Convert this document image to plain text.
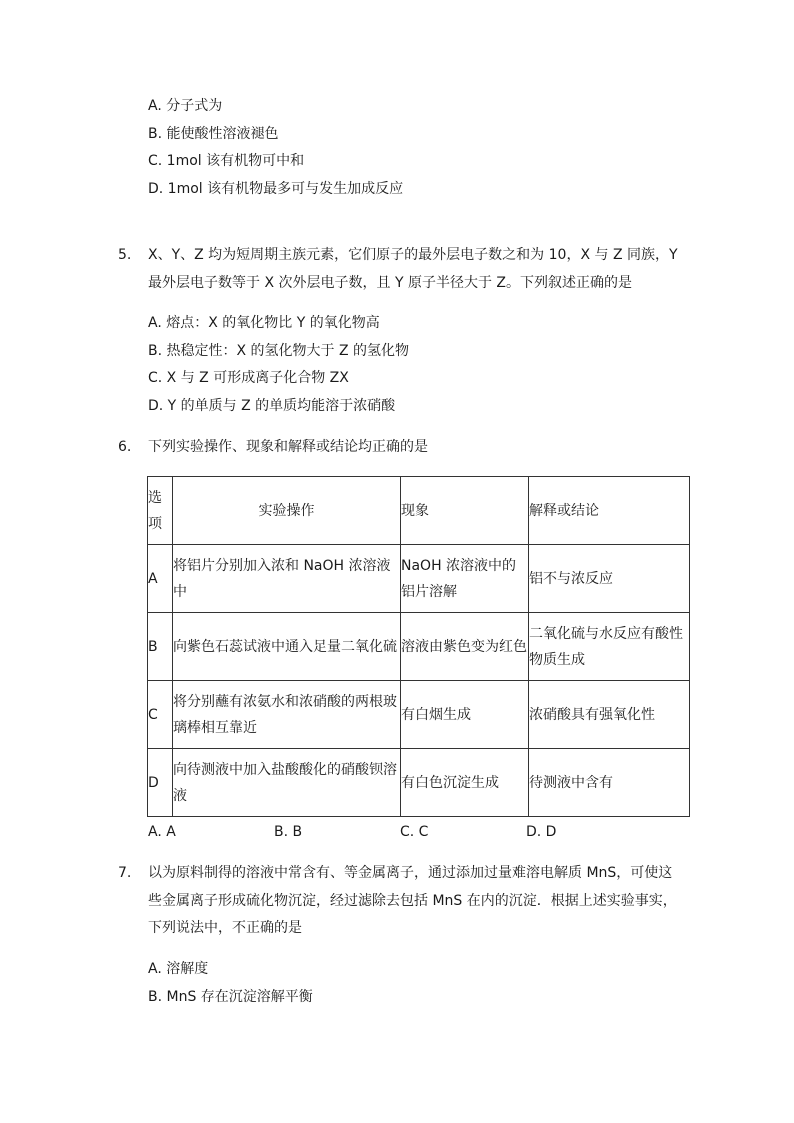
A. 分子式为
B. 能使酸性溶液褪色
C. 1mol 该有机物可中和
D. 1mol 该有机物最多可与发生加成反应
5. X、Y、Z 均为短周期主族元素，它们原子的最外层电子数之和为 10，X 与 Z 同族，Y
最外层电子数等于 X 次外层电子数，且 Y 原子半径大于 Z。下列叙述正确的是
A. 熔点：X 的氧化物比 Y 的氧化物高
B. 热稳定性：X 的氢化物大于 Z 的氢化物
C. X 与 Z 可形成离子化合物 ZX
D. Y 的单质与 Z 的单质均能溶于浓硝酸
6. 下列实验操作、现象和解释或结论均正确的是
选项	实验操作	现象	解释或结论
A	将铝片分别加入浓和 NaOH 浓溶液中	NaOH 浓溶液中的铝片溶解	铝不与浓反应
B	向紫色石蕊试液中通入足量二氧化硫	溶液由紫色变为红色	二氧化硫与水反应有酸性物质生成
C	将分别蘸有浓氨水和浓硝酸的两根玻璃棒相互靠近	有白烟生成	浓硝酸具有强氧化性
D	向待测液中加入盐酸酸化的硝酸钡溶液	有白色沉淀生成	待测液中含有
A. A	B. B	C. C	D. D
7. 以为原料制得的溶液中常含有、等金属离子，通过添加过量难溶电解质 MnS，可使这
些金属离子形成硫化物沉淀，经过滤除去包括 MnS 在内的沉淀．根据上述实验事实，
下列说法中，不正确的是
A. 溶解度
B. MnS 存在沉淀溶解平衡
